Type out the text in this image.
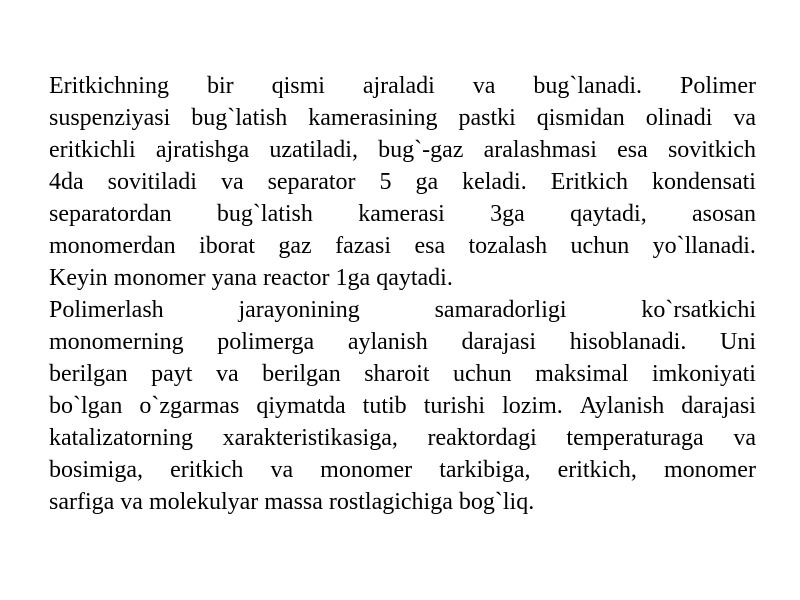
Eritkichning bir qismi ajraladi va bug`lanadi. Polimer
suspenziyasi bug`latish kamerasining pastki qismidan olinadi va
eritkichli ajratishga uzatiladi, bug`-gaz aralashmasi esa sovitkich
4da sovitiladi va separator 5 ga keladi. Eritkich kondensati
separatordan bug`latish kamerasi 3ga qaytadi, asosan
monomerdan iborat gaz fazasi esa tozalash uchun yo`llanadi.
Keyin monomer yana reactor 1ga qaytadi.
Polimerlash	jarayonining	samaradorligi	ko`rsatkichi
monomerning polimerga aylanish darajasi hisoblanadi. Uni
berilgan payt va berilgan sharoit uchun maksimal imkoniyati
bo`lgan o`zgarmas qiymatda tutib turishi lozim. Aylanish darajasi
katalizatorning xarakteristikasiga, reaktordagi temperaturaga va
bosimiga, eritkich va monomer tarkibiga, eritkich, monomer
sarfiga va molekulyar massa rostlagichiga bog`liq.
